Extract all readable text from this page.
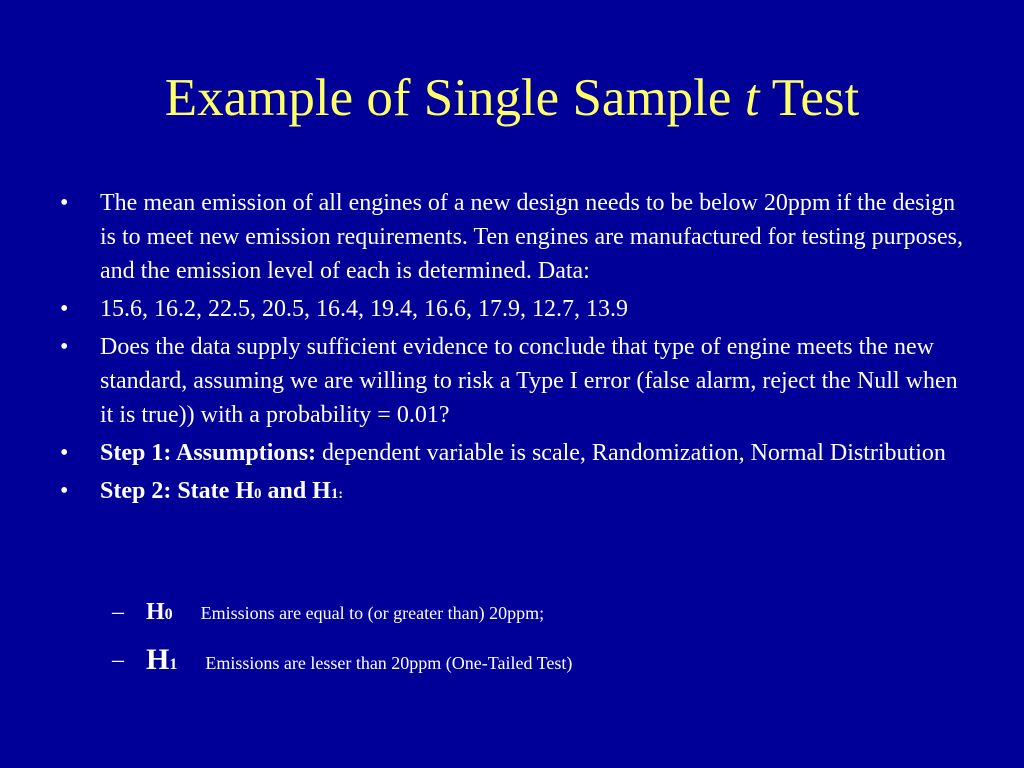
Example of Single Sample t Test
•	The mean emission of all engines of a new design needs to be below 20ppm if the design is to meet new emission requirements. Ten engines are manufactured for testing purposes, and the emission level of each is determined. Data:
•	15.6, 16.2, 22.5, 20.5, 16.4, 19.4, 16.6, 17.9, 12.7, 13.9
•	Does the data supply sufficient evidence to conclude that type of engine meets the new standard, assuming we are willing to risk a Type I error (false alarm, reject the Null when it is true)) with a probability = 0.01?
•	Step 1: Assumptions: dependent variable is scale, Randomization, Normal Distribution
•	Step 2: State H0 and H1:
– H0 Emissions are equal to (or greater than) 20ppm;
– H1 Emissions are lesser than 20ppm (One-Tailed Test)
